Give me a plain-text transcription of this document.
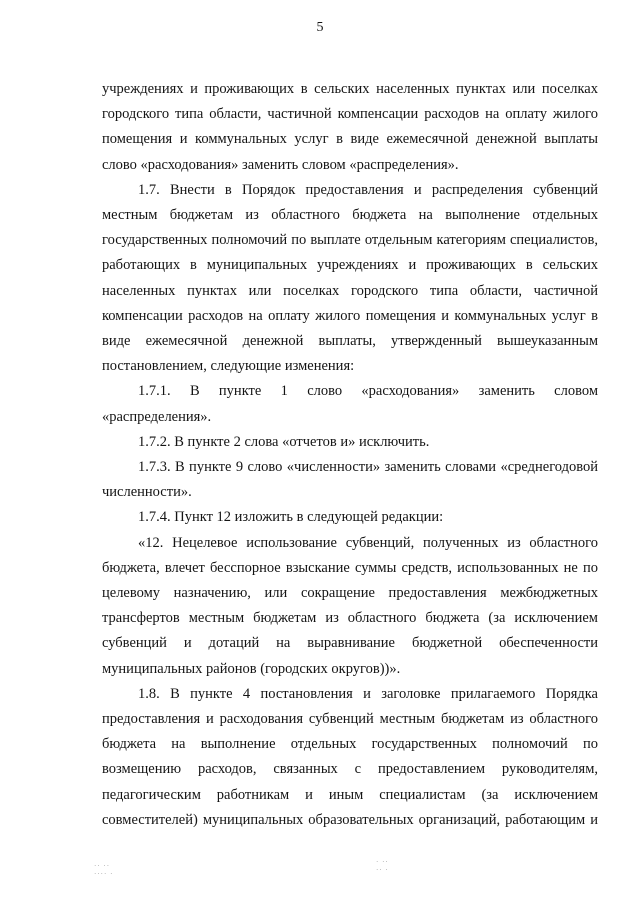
5

учреждениях и проживающих в сельских населенных пунктах или поселках городского типа области, частичной компенсации расходов на оплату жилого помещения и коммунальных услуг в виде ежемесячной денежной выплаты слово «расходования» заменить словом «распределения».

1.7. Внести в Порядок предоставления и распределения субвенций местным бюджетам из областного бюджета на выполнение отдельных государственных полномочий по выплате отдельным категориям специалистов, работающих в муниципальных учреждениях и проживающих в сельских населенных пунктах или поселках городского типа области, частичной компенсации расходов на оплату жилого помещения и коммунальных услуг в виде ежемесячной денежной выплаты, утвержденный вышеуказанным постановлением, следующие изменения:

1.7.1. В пункте 1 слово «расходования» заменить словом «распределения».

1.7.2. В пункте 2 слова «отчетов и» исключить.

1.7.3. В пункте 9 слово «численности» заменить словами «среднегодовой численности».

1.7.4. Пункт 12 изложить в следующей редакции:

«12. Нецелевое использование субвенций, полученных из областного бюджета, влечет бесспорное взыскание суммы средств, использованных не по целевому назначению, или сокращение предоставления межбюджетных трансфертов местным бюджетам из областного бюджета (за исключением субвенций и дотаций на выравнивание бюджетной обеспеченности муниципальных районов (городских округов))».

1.8. В пункте 4 постановления и заголовке прилагаемого Порядка предоставления и расходования субвенций местным бюджетам из областного бюджета на выполнение отдельных государственных полномочий по возмещению расходов, связанных с предоставлением руководителям, педагогическим работникам и иным специалистам (за исключением совместителей) муниципальных образовательных организаций, работающим и

·· ··
···· ·
· ··
·· ·
